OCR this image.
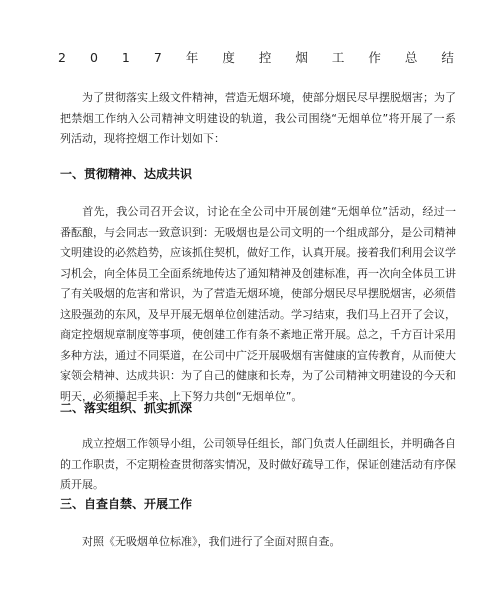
2 0 1 7 年 度 控 烟 工 作 总 结

为了贯彻落实上级文件精神，营造无烟环境，使部分烟民尽早摆脱烟害；为了把禁烟工作纳入公司精神文明建设的轨道，我公司围绕“无烟单位”将开展了一系列活动，现将控烟工作计划如下：

一、贯彻精神、达成共识

首先，我公司召开会议，讨论在全公司中开展创建“无烟单位”活动，经过一番酝酿，与会同志一致意识到：无吸烟也是公司文明的一个组成部分，是公司精神文明建设的必然趋势，应该抓住契机，做好工作，认真开展。接着我们利用会议学习机会，向全体员工全面系统地传达了通知精神及创建标准，再一次向全体员工讲了有关吸烟的危害和常识，为了营造无烟环境，使部分烟民尽早摆脱烟害，必须借这股强劲的东风，及早开展无烟单位创建活动。学习结束，我们马上召开了会议，商定控烟规章制度等事项，使创建工作有条不紊地正常开展。总之，千方百计采用多种方法，通过不同渠道，在公司中广泛开展吸烟有害健康的宣传教育，从而使大家领会精神、达成共识：为了自己的健康和长寿，为了公司精神文明建设的今天和明天，必须攥起手来、上下努力共创“无烟单位”。

二、落实组织、抓实抓深

成立控烟工作领导小组，公司领导任组长，部门负责人任副组长，并明确各自的工作职责，不定期检查贯彻落实情况，及时做好疏导工作，保证创建活动有序保质开展。

三、自查自禁、开展工作

对照《无吸烟单位标准》，我们进行了全面对照自查。
